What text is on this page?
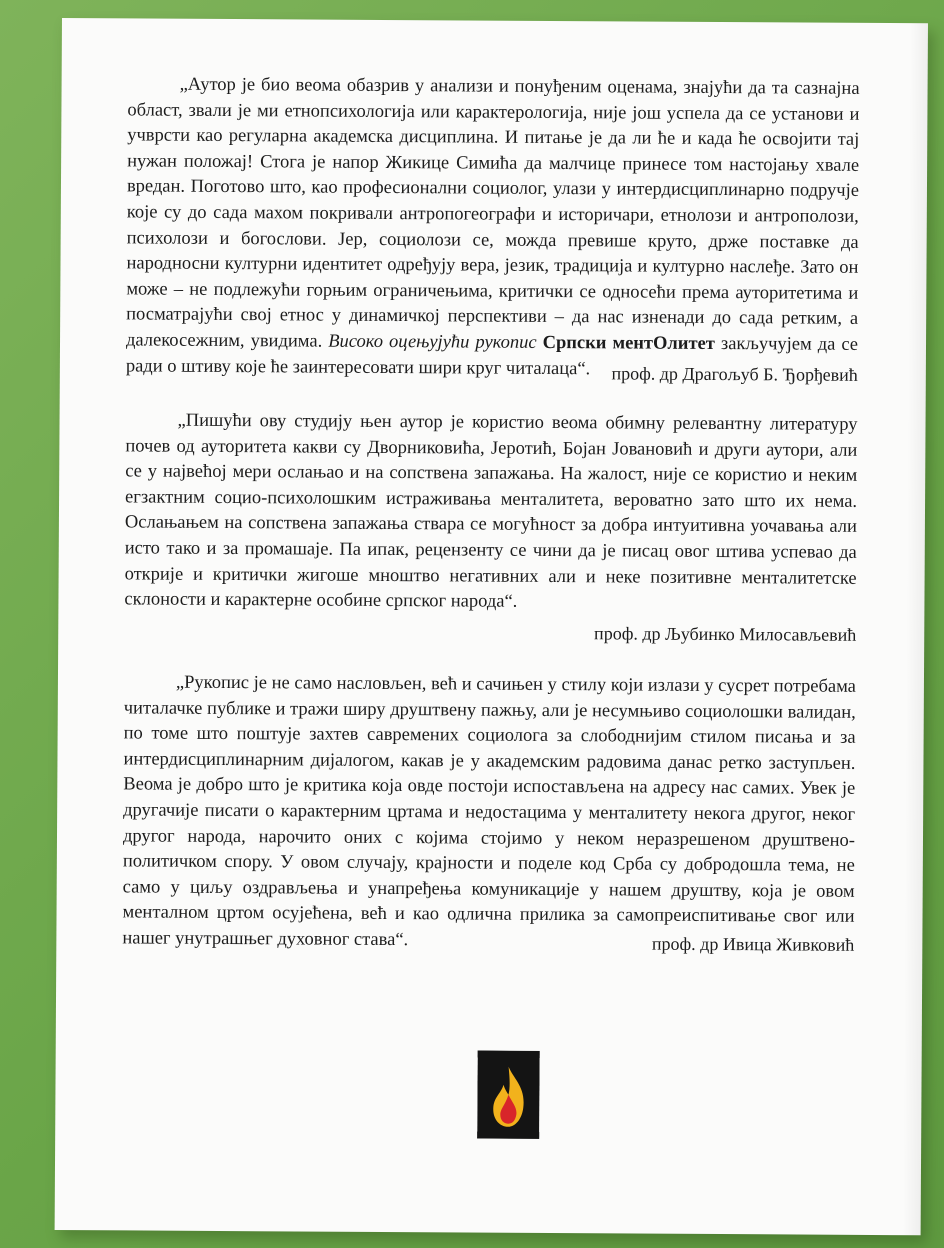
„Аутор је био веома обазрив у анализи и понуђеним оценама, знајући да та сазнајна област, звали је ми етнопсихологија или карактерологија, није још успела да се установи и учврсти као регуларна академска дисциплина. И питање је да ли ће и када ће освојити тај нужан положај! Стога је напор Жикице Симића да малчице принесе том настојању хвале вредан. Поготово што, као професионални социолог, улази у интердисциплинарно подручје које су до сада махом покривали антропогеографи и историчари, етнолози и антрополози, психолози и богослови. Јер, социолози се, можда превише круто, држе поставке да народносни културни идентитет одређују вера, језик, традиција и културно наслеђе. Зато он може – не подлежући горњим ограничењима, критички се односећи према ауторитетима и посматрајући свој етнос у динамичкој перспективи – да нас изненади до сада ретким, а далекосежним, увидима. Високо оцењујући рукопис Српски ментОлитет закључујем да се ради о штиву које ће заинтересовати шири круг читалаца“.	проф. др Драгољуб Б. Ђорђевић

„Пишући ову студију њен аутор је користио веома обимну релевантну литературу почев од ауторитета какви су Дворниковића, Јеротић, Бојан Јовановић и други аутори, али се у највећој мери ослањао и на сопствена запажања. На жалост, није се користио и неким егзактним социо-психолошким истраживања менталитета, вероватно зато што их нема. Ослањањем на сопствена запажања ствара се могућност за добра интуитивна уочавања али исто тако и за промашаје. Па ипак, рецензенту се чини да је писац овог штива успевао да открије и критички жигоше мноштво негативних али и неке позитивне менталитетске склоности и карактерне особине српског народа“.

проф. др Љубинко Милосављевић

„Рукопис је не само насловљен, већ и сачињен у стилу који излази у сусрет потребама читалачке публике и тражи ширу друштвену пажњу, али је несумњиво социолошки валидан, по томе што поштује захтев савремених социолога за слободнијим стилом писања и за интердисциплинарним дијалогом, какав је у академским радовима данас ретко заступљен. Веома је добро што је критика која овде постоји испостављена на адресу нас самих. Увек је другачије писати о карактерним цртама и недостацима у менталитету некога другог, неког другог народа, нарочито оних с којима стојимо у неком неразрешеном друштвено-политичком спору. У овом случају, крајности и поделе код Срба су добродошла тема, не само у циљу оздрављења и унапређења комуникације у нашем друштву, која је овом менталном цртом осујећена, већ и као одлична прилика за самопреиспитивање свог или нашег унутрашњег духовног става“.	проф. др Ивица Живковић
